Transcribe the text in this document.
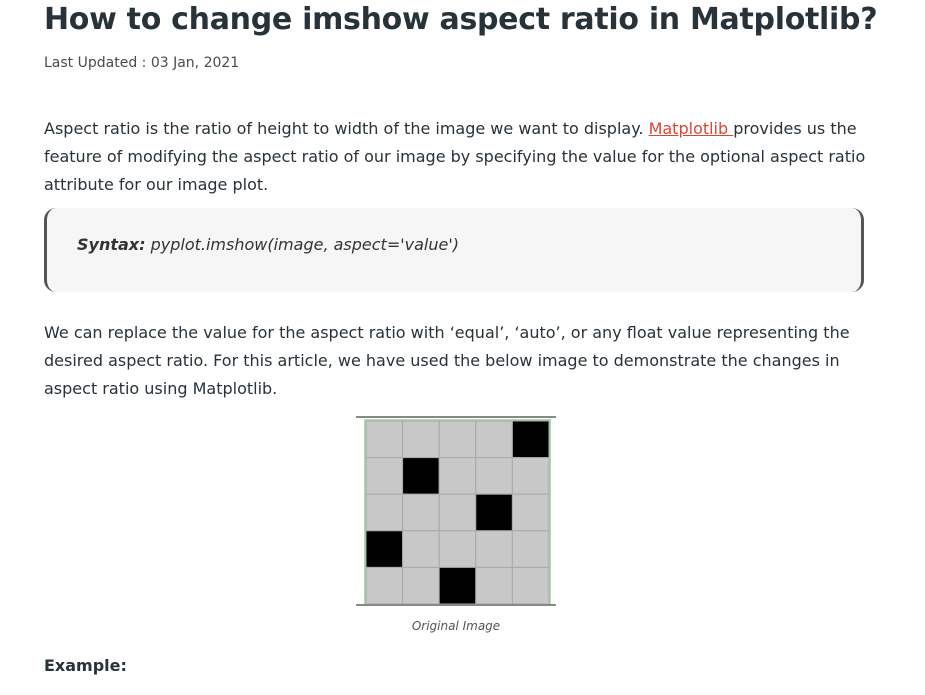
How to change imshow aspect ratio in Matplotlib?
Last Updated : 03 Jan, 2021

Aspect ratio is the ratio of height to width of the image we want to display. Matplotlib provides us the feature of modifying the aspect ratio of our image by specifying the value for the optional aspect ratio attribute for our image plot.

Syntax: pyplot.imshow(image, aspect='value')

We can replace the value for the aspect ratio with ‘equal’, ‘auto’, or any float value representing the desired aspect ratio. For this article, we have used the below image to demonstrate the changes in aspect ratio using Matplotlib.

Original Image
Example:
